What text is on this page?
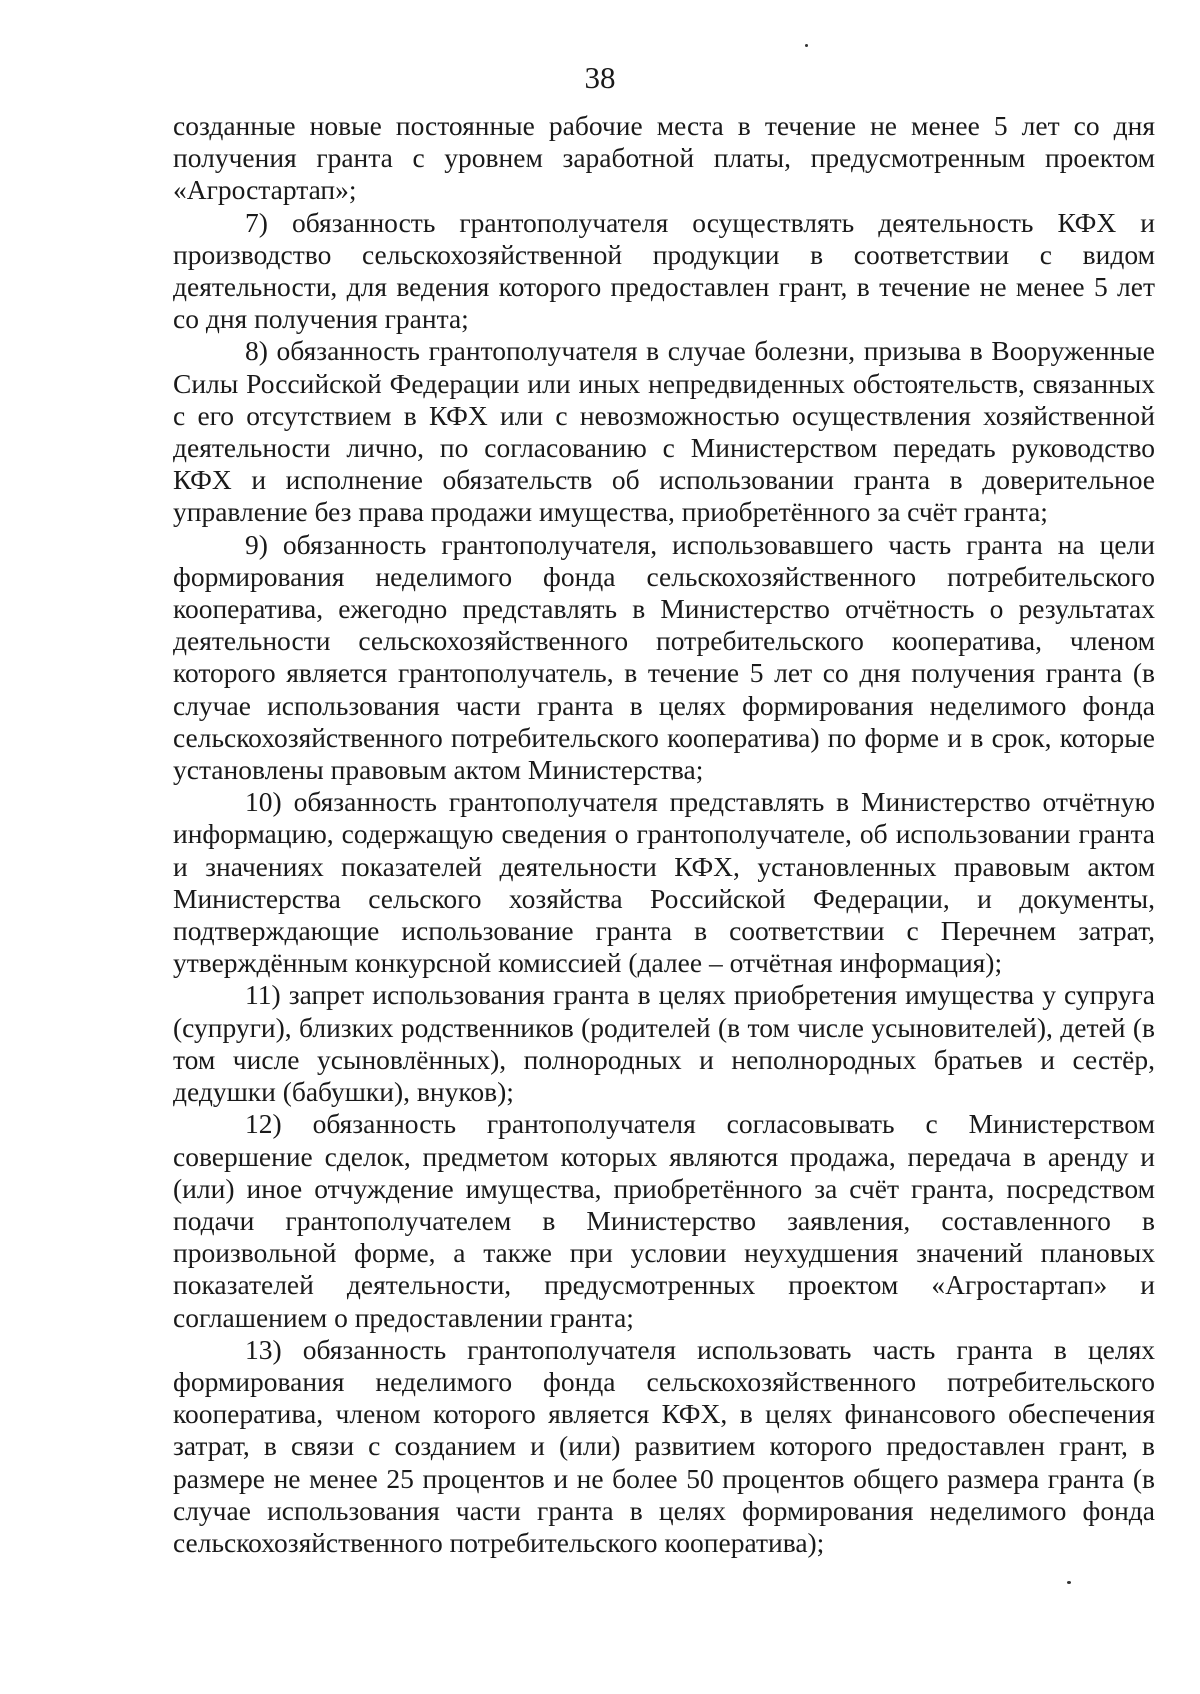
38

созданные новые постоянные рабочие места в течение не менее 5 лет со дня получения гранта с уровнем заработной платы, предусмотренным проектом «Агростартап»;

7) обязанность грантополучателя осуществлять деятельность КФХ и производство сельскохозяйственной продукции в соответствии с видом деятельности, для ведения которого предоставлен грант, в течение не менее 5 лет со дня получения гранта;

8) обязанность грантополучателя в случае болезни, призыва в Вооруженные Силы Российской Федерации или иных непредвиденных обстоятельств, связанных с его отсутствием в КФХ или с невозможностью осуществления хозяйственной деятельности лично, по согласованию с Министерством передать руководство КФХ и исполнение обязательств об использовании гранта в доверительное управление без права продажи имущества, приобретённого за счёт гранта;

9) обязанность грантополучателя, использовавшего часть гранта на цели формирования неделимого фонда сельскохозяйственного потребительского кооператива, ежегодно представлять в Министерство отчётность о результатах деятельности сельскохозяйственного потребительского кооператива, членом которого является грантополучатель, в течение 5 лет со дня получения гранта (в случае использования части гранта в целях формирования неделимого фонда сельскохозяйственного потребительского кооператива) по форме и в срок, которые установлены правовым актом Министерства;

10) обязанность грантополучателя представлять в Министерство отчётную информацию, содержащую сведения о грантополучателе, об использовании гранта и значениях показателей деятельности КФХ, установленных правовым актом Министерства сельского хозяйства Российской Федерации, и документы, подтверждающие использование гранта в соответствии с Перечнем затрат, утверждённым конкурсной комиссией (далее – отчётная информация);

11) запрет использования гранта в целях приобретения имущества у супруга (супруги), близких родственников (родителей (в том числе усыновителей), детей (в том числе усыновлённых), полнородных и неполнородных братьев и сестёр, дедушки (бабушки), внуков);

12) обязанность грантополучателя согласовывать с Министерством совершение сделок, предметом которых являются продажа, передача в аренду и (или) иное отчуждение имущества, приобретённого за счёт гранта, посредством подачи грантополучателем в Министерство заявления, составленного в произвольной форме, а также при условии неухудшения значений плановых показателей деятельности, предусмотренных проектом «Агростартап» и соглашением о предоставлении гранта;

13) обязанность грантополучателя использовать часть гранта в целях формирования неделимого фонда сельскохозяйственного потребительского кооператива, членом которого является КФХ, в целях финансового обеспечения затрат, в связи с созданием и (или) развитием которого предоставлен грант, в размере не менее 25 процентов и не более 50 процентов общего размера гранта (в случае использования части гранта в целях формирования неделимого фонда сельскохозяйственного потребительского кооператива);
